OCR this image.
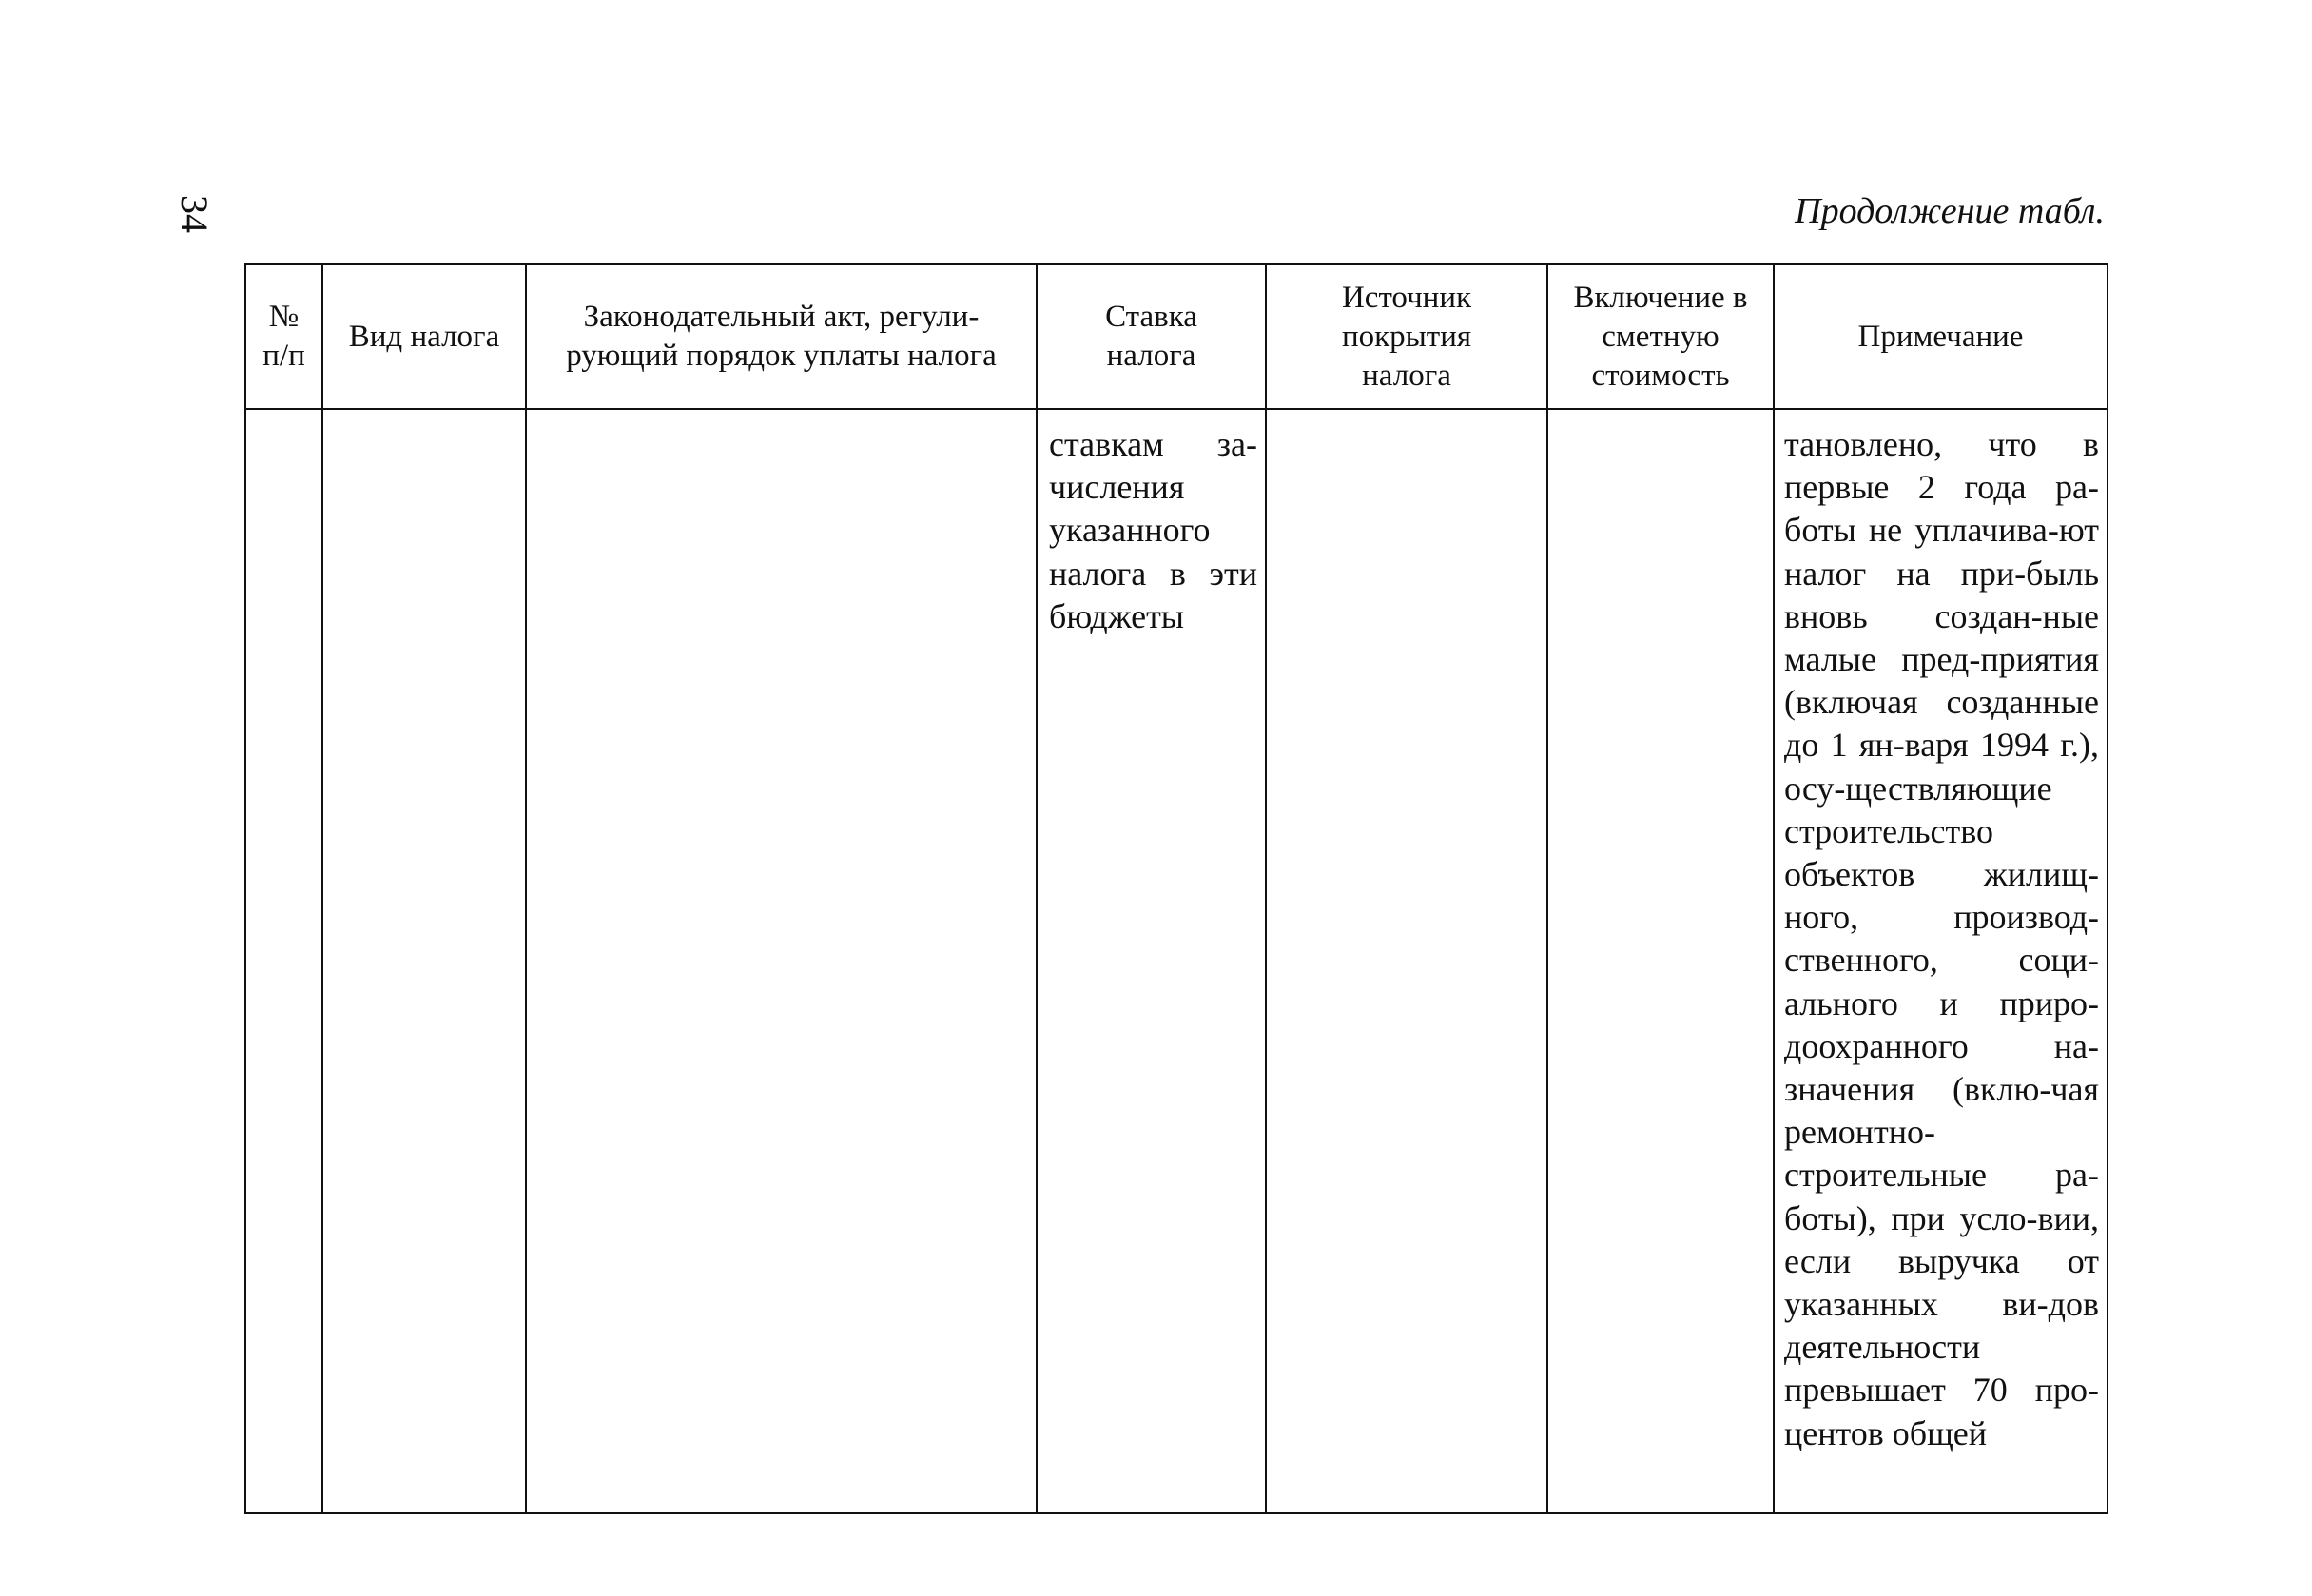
34	Продолжение табл.
№ п/п	Вид налога	Законодательный акт, регули-рующий порядок уплаты налога	Ставка налога	Источник покрытия налога	Включение в сметную стоимость	Примечание

			ставкам за-числения указанного налога в эти бюджеты			тановлено, что в первые 2 года ра-боты не уплачива-ют налог на при-быль вновь создан-ные малые пред-приятия (включая созданные до 1 ян-варя 1994 г.), осу-ществляющие строительство объектов жилищ-ного, производ-ственного, соци-ального и приро-доохранного на-значения (вклю-чая ремонтно-строительные ра-боты), при усло-вии, если выручка от указанных ви-дов деятельности превышает 70 про-центов общей
